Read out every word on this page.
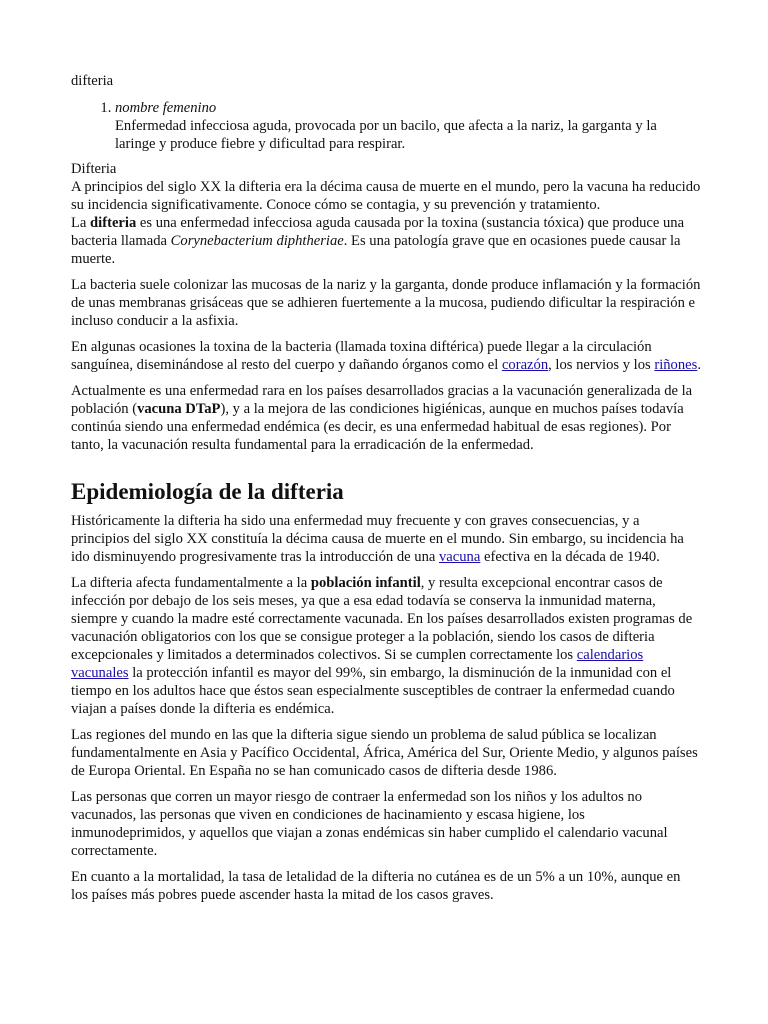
difteria
1. nombre femenino
Enfermedad infecciosa aguda, provocada por un bacilo, que afecta a la nariz, la garganta y la laringe y produce fiebre y dificultad para respirar.
Difteria
A principios del siglo XX la difteria era la décima causa de muerte en el mundo, pero la vacuna ha reducido su incidencia significativamente. Conoce cómo se contagia, y su prevención y tratamiento.

La difteria es una enfermedad infecciosa aguda causada por la toxina (sustancia tóxica) que produce una bacteria llamada Corynebacterium diphtheriae. Es una patología grave que en ocasiones puede causar la muerte.

La bacteria suele colonizar las mucosas de la nariz y la garganta, donde produce inflamación y la formación de unas membranas grisáceas que se adhieren fuertemente a la mucosa, pudiendo dificultar la respiración e incluso conducir a la asfixia.

En algunas ocasiones la toxina de la bacteria (llamada toxina diftérica) puede llegar a la circulación sanguínea, diseminándose al resto del cuerpo y dañando órganos como el corazón, los nervios y los riñones.

Actualmente es una enfermedad rara en los países desarrollados gracias a la vacunación generalizada de la población (vacuna DTaP), y a la mejora de las condiciones higiénicas, aunque en muchos países todavía continúa siendo una enfermedad endémica (es decir, es una enfermedad habitual de esas regiones). Por tanto, la vacunación resulta fundamental para la erradicación de la enfermedad.

Epidemiología de la difteria

Históricamente la difteria ha sido una enfermedad muy frecuente y con graves consecuencias, y a principios del siglo XX constituía la décima causa de muerte en el mundo. Sin embargo, su incidencia ha ido disminuyendo progresivamente tras la introducción de una vacuna efectiva en la década de 1940.

La difteria afecta fundamentalmente a la población infantil, y resulta excepcional encontrar casos de infección por debajo de los seis meses, ya que a esa edad todavía se conserva la inmunidad materna, siempre y cuando la madre esté correctamente vacunada. En los países desarrollados existen programas de vacunación obligatorios con los que se consigue proteger a la población, siendo los casos de difteria excepcionales y limitados a determinados colectivos. Si se cumplen correctamente los calendarios vacunales la protección infantil es mayor del 99%, sin embargo, la disminución de la inmunidad con el tiempo en los adultos hace que éstos sean especialmente susceptibles de contraer la enfermedad cuando viajan a países donde la difteria es endémica.

Las regiones del mundo en las que la difteria sigue siendo un problema de salud pública se localizan fundamentalmente en Asia y Pacífico Occidental, África, América del Sur, Oriente Medio, y algunos países de Europa Oriental. En España no se han comunicado casos de difteria desde 1986.

Las personas que corren un mayor riesgo de contraer la enfermedad son los niños y los adultos no vacunados, las personas que viven en condiciones de hacinamiento y escasa higiene, los inmunodeprimidos, y aquellos que viajan a zonas endémicas sin haber cumplido el calendario vacunal correctamente.

En cuanto a la mortalidad, la tasa de letalidad de la difteria no cutánea es de un 5% a un 10%, aunque en los países más pobres puede ascender hasta la mitad de los casos graves.
